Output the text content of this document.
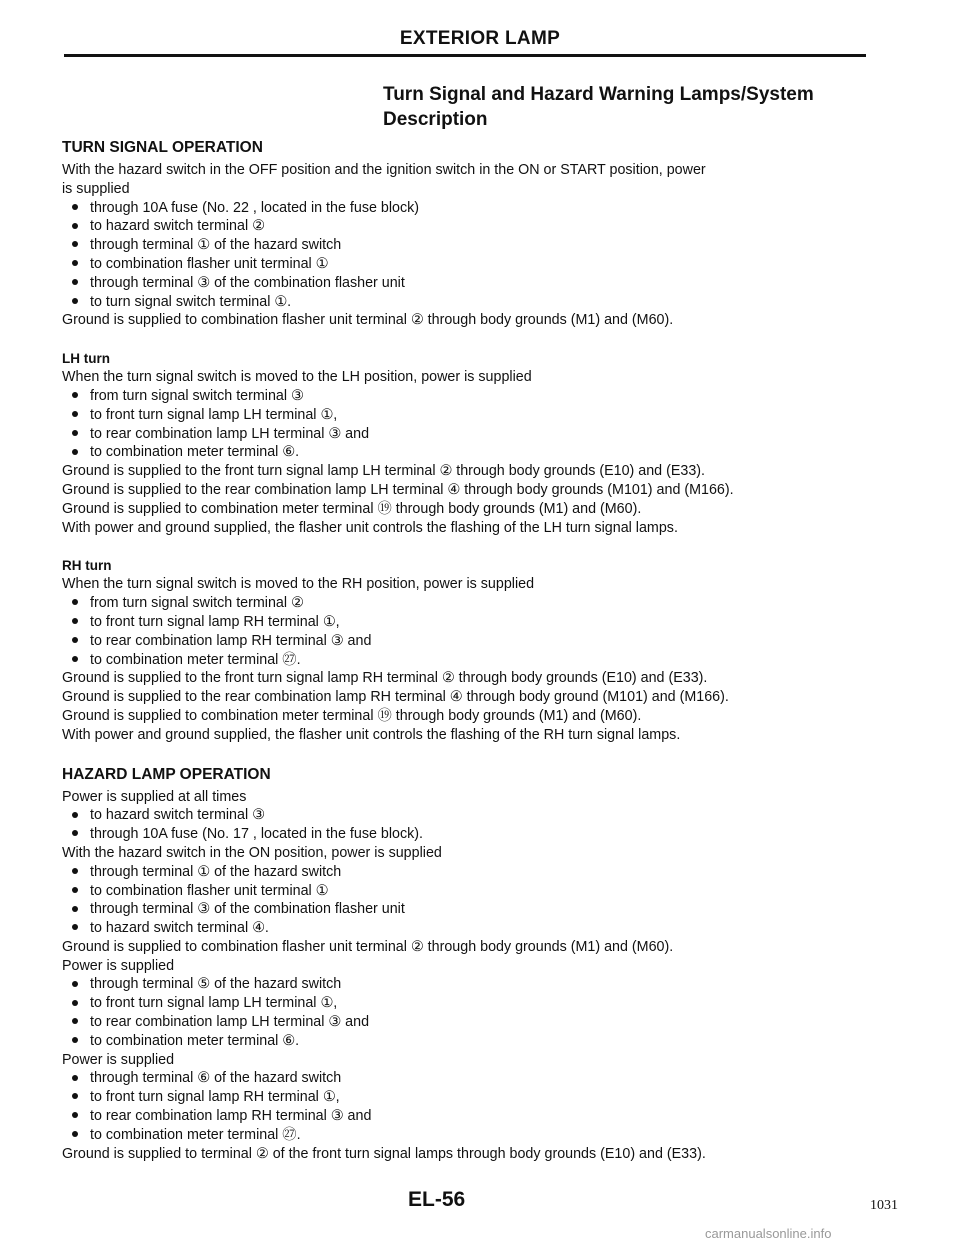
EXTERIOR LAMP
Turn Signal and Hazard Warning Lamps/System
Description
TURN SIGNAL OPERATION
With the hazard switch in the OFF position and the ignition switch in the ON or START position, power
is supplied
through 10A fuse (No. 22 , located in the fuse block)
to hazard switch terminal ②
through terminal ① of the hazard switch
to combination flasher unit terminal ①
through terminal ③ of the combination flasher unit
to turn signal switch terminal ①.
Ground is supplied to combination flasher unit terminal ② through body grounds (M1) and (M60).
LH turn
When the turn signal switch is moved to the LH position, power is supplied
from turn signal switch terminal ③
to front turn signal lamp LH terminal ①,
to rear combination lamp LH terminal ③ and
to combination meter terminal ⑥.
Ground is supplied to the front turn signal lamp LH terminal ② through body grounds (E10) and (E33).
Ground is supplied to the rear combination lamp LH terminal ④ through body grounds (M101) and (M166).
Ground is supplied to combination meter terminal ⑲ through body grounds (M1) and (M60).
With power and ground supplied, the flasher unit controls the flashing of the LH turn signal lamps.
RH turn
When the turn signal switch is moved to the RH position, power is supplied
from turn signal switch terminal ②
to front turn signal lamp RH terminal ①,
to rear combination lamp RH terminal ③ and
to combination meter terminal ㉗.
Ground is supplied to the front turn signal lamp RH terminal ② through body grounds (E10) and (E33).
Ground is supplied to the rear combination lamp RH terminal ④ through body ground (M101) and (M166).
Ground is supplied to combination meter terminal ⑲ through body grounds (M1) and (M60).
With power and ground supplied, the flasher unit controls the flashing of the RH turn signal lamps.
HAZARD LAMP OPERATION
Power is supplied at all times
to hazard switch terminal ③
through 10A fuse (No. 17 , located in the fuse block).
With the hazard switch in the ON position, power is supplied
through terminal ① of the hazard switch
to combination flasher unit terminal ①
through terminal ③ of the combination flasher unit
to hazard switch terminal ④.
Ground is supplied to combination flasher unit terminal ② through body grounds (M1) and (M60).
Power is supplied
through terminal ⑤ of the hazard switch
to front turn signal lamp LH terminal ①,
to rear combination lamp LH terminal ③ and
to combination meter terminal ⑥.
Power is supplied
through terminal ⑥ of the hazard switch
to front turn signal lamp RH terminal ①,
to rear combination lamp RH terminal ③ and
to combination meter terminal ㉗.
Ground is supplied to terminal ② of the front turn signal lamps through body grounds (E10) and (E33).
EL-56	1031
carmanualsonline.info
